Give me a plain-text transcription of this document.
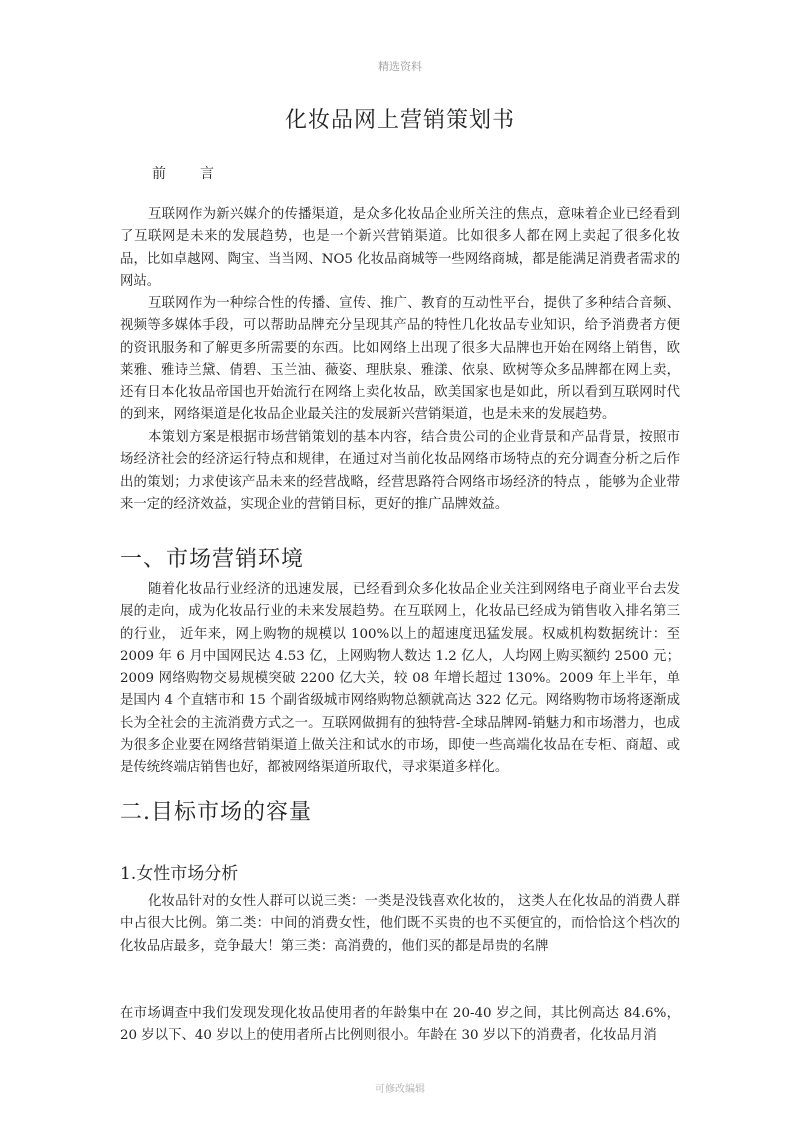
精选资料
化妆品网上营销策划书
前　言

互联网作为新兴媒介的传播渠道，是众多化妆品企业所关注的焦点，意味着企业已经看到了互联网是未来的发展趋势，也是一个新兴营销渠道。比如很多人都在网上卖起了很多化妆品，比如卓越网、陶宝、当当网、NO5 化妆品商城等一些网络商城，都是能满足消费者需求的网站。

互联网作为一种综合性的传播、宣传、推广、教育的互动性平台，提供了多种结合音频、视频等多媒体手段，可以帮助品牌充分呈现其产品的特性几化妆品专业知识，给予消费者方便的资讯服务和了解更多所需要的东西。比如网络上出现了很多大品牌也开始在网络上销售，欧莱雅、雅诗兰黛、倩碧、玉兰油、薇姿、理肤泉、雅漾、依泉、欧树等众多品牌都在网上卖，还有日本化妆品帝国也开始流行在网络上卖化妆品，欧美国家也是如此，所以看到互联网时代的到来，网络渠道是化妆品企业最关注的发展新兴营销渠道，也是未来的发展趋势。

本策划方案是根据市场营销策划的基本内容，结合贵公司的企业背景和产品背景，按照市场经济社会的经济运行特点和规律，在通过对当前化妆品网络市场特点的充分调查分析之后作出的策划；力求使该产品未来的经营战略，经营思路符合网络市场经济的特点 ，能够为企业带来一定的经济效益，实现企业的营销目标，更好的推广品牌效益。

一、市场营销环境

随着化妆品行业经济的迅速发展，已经看到众多化妆品企业关注到网络电子商业平台去发展的走向，成为化妆品行业的未来发展趋势。在互联网上，化妆品已经成为销售收入排名第三的行业， 近年来，网上购物的规模以 100%以上的超速度迅猛发展。权威机构数据统计：至 2009 年 6 月中国网民达 4.53 亿，上网购物人数达 1.2 亿人，人均网上购买额约 2500 元；2009 网络购物交易规模突破 2200 亿大关，较 08 年增长超过 130%。2009 年上半年，单是国内 4 个直辖市和 15 个副省级城市网络购物总额就高达 322 亿元。网络购物市场将逐渐成长为全社会的主流消费方式之一。互联网做拥有的独特营-全球品牌网-销魅力和市场潜力，也成为很多企业要在网络营销渠道上做关注和试水的市场，即使一些高端化妆品在专柜、商超、或是传统终端店销售也好，都被网络渠道所取代，寻求渠道多样化。

二.目标市场的容量
1.女性市场分析

化妆品针对的女性人群可以说三类：一类是没钱喜欢化妆的， 这类人在化妆品的消费人群中占很大比例。第二类：中间的消费女性，他们既不买贵的也不买便宜的，而恰恰这个档次的化妆品店最多，竞争最大！第三类：高消费的，他们买的都是昂贵的名牌

在市场调查中我们发现发现化妆品使用者的年龄集中在 20-40 岁之间，其比例高达 84.6%，20 岁以下、40 岁以上的使用者所占比例则很小。年龄在 30 岁以下的消费者，化妆品月消

可修改编辑
